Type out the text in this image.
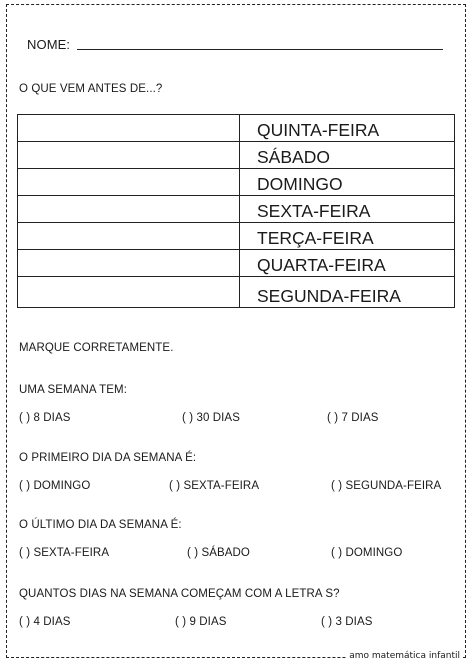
NOME:
O QUE VEM ANTES DE...?
	QUINTA-FEIRA
	SÁBADO
	DOMINGO
	SEXTA-FEIRA
	TERÇA-FEIRA
	QUARTA-FEIRA
	SEGUNDA-FEIRA
MARQUE CORRETAMENTE.
UMA SEMANA TEM:
( ) 8 DIAS	( ) 30 DIAS	( ) 7 DIAS
O PRIMEIRO DIA DA SEMANA É:
( ) DOMINGO	( ) SEXTA-FEIRA	( ) SEGUNDA-FEIRA
O ÚLTIMO DIA DA SEMANA É:
( ) SEXTA-FEIRA	( ) SÁBADO	( ) DOMINGO
QUANTOS DIAS NA SEMANA COMEÇAM COM A LETRA S?
( ) 4 DIAS	( ) 9 DIAS	( ) 3 DIAS
amo matemática infantil
